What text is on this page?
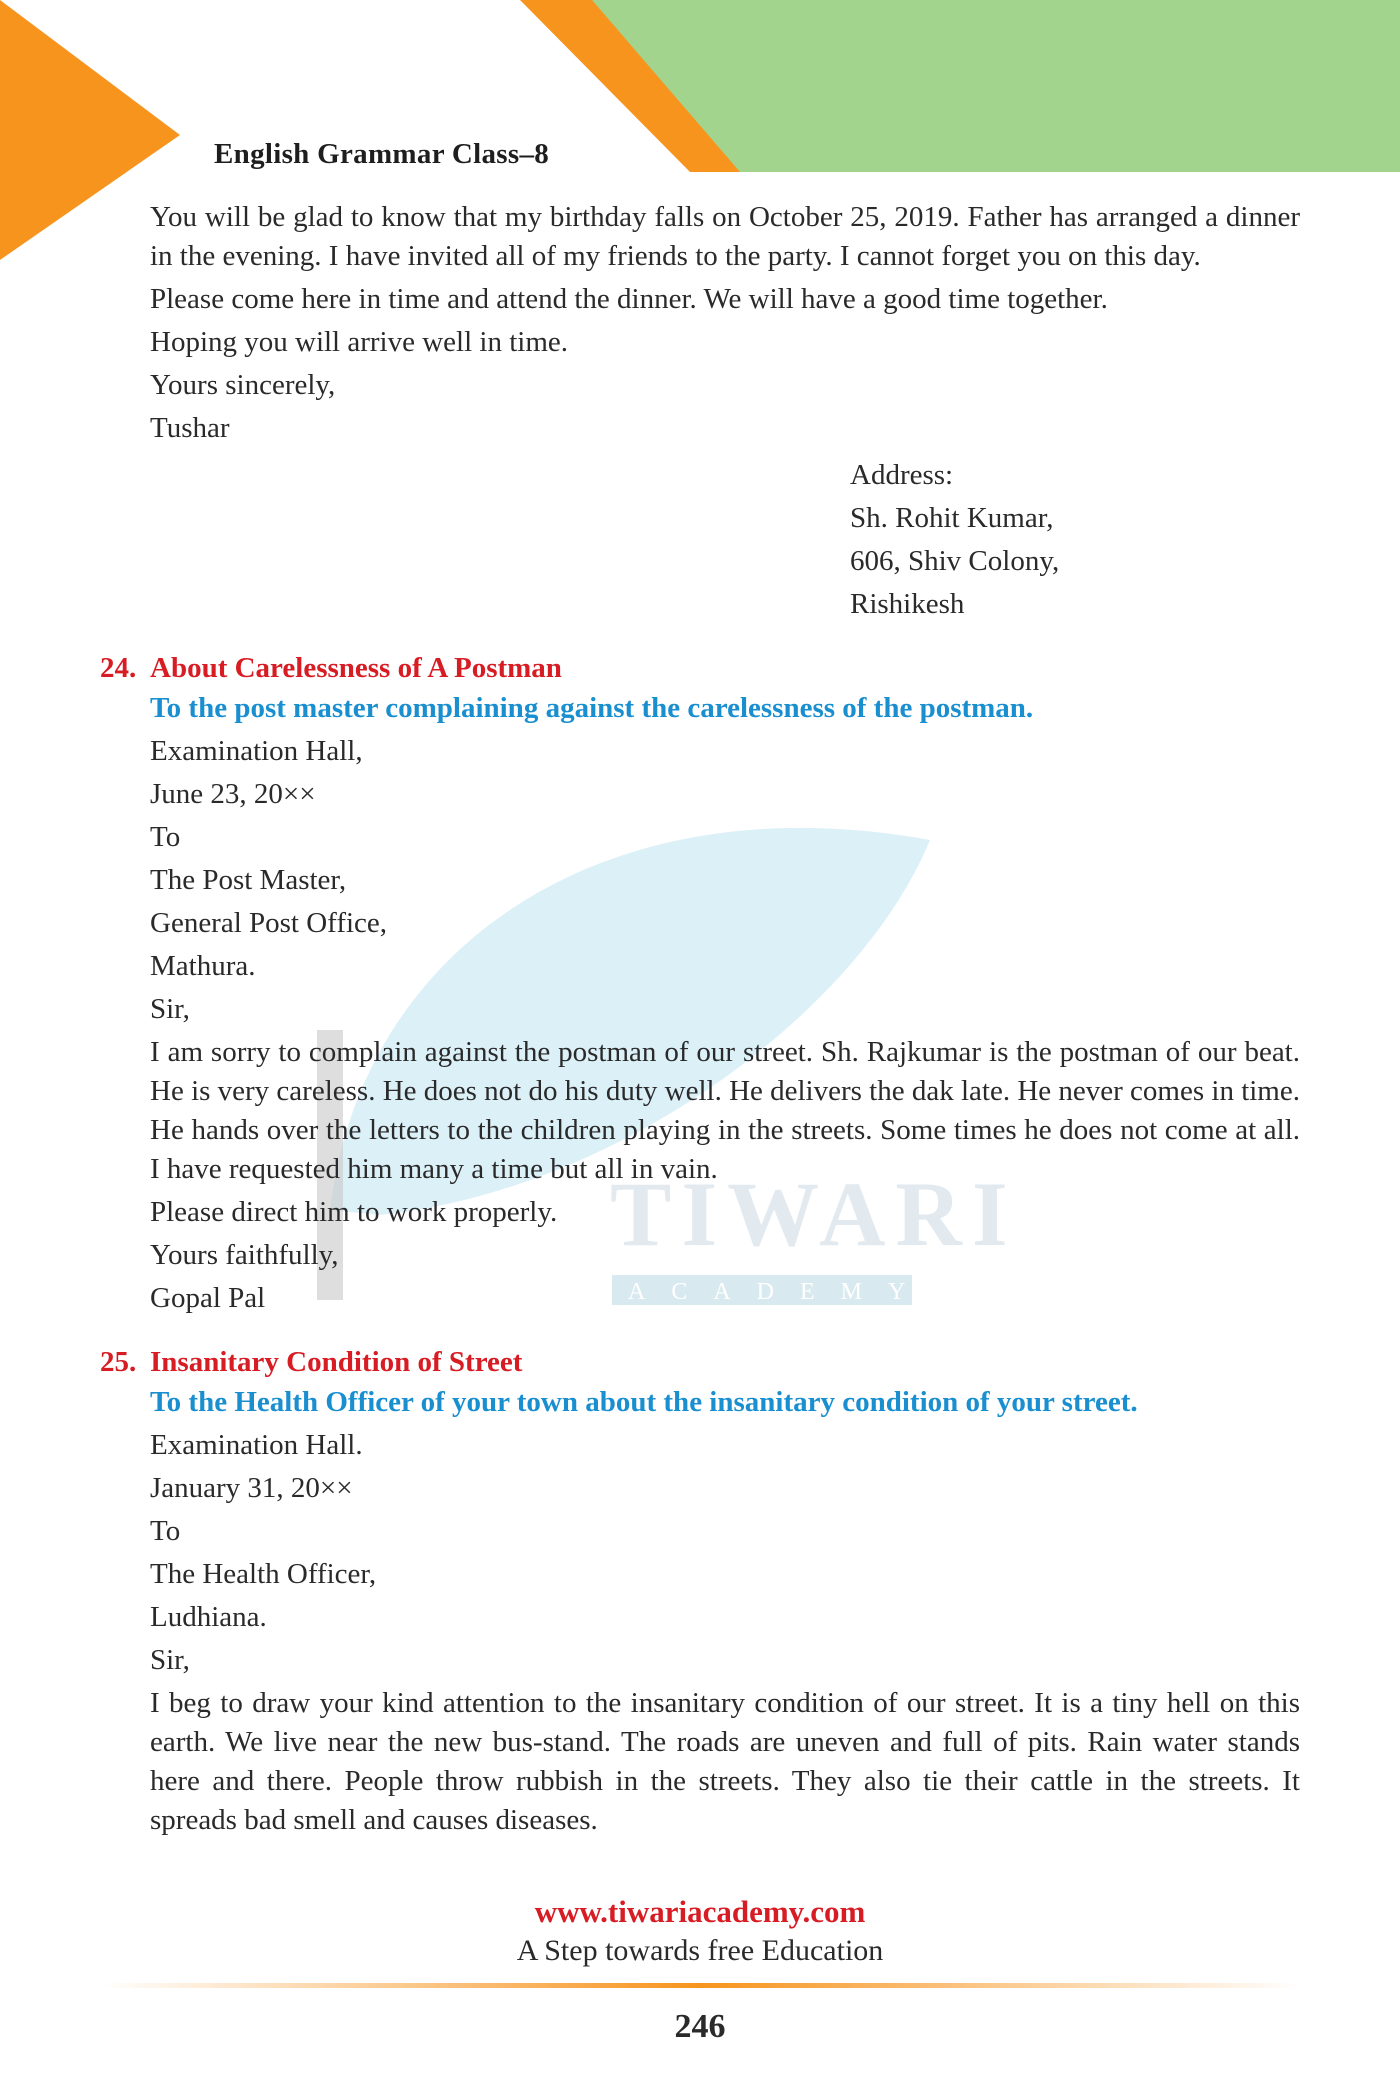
TIWARI
ACADEMY
English Grammar Class–8

You will be glad to know that my birthday falls on October 25, 2019. Father has arranged a dinner in the evening. I have invited all of my friends to the party. I cannot forget you on this day.

Please come here in time and attend the dinner. We will have a good time together.

Hoping you will arrive well in time.

Yours sincerely,

Tushar

Address:

Sh. Rohit Kumar,

606, Shiv Colony,

Rishikesh

24. About Carelessness of A Postman

To the post master complaining against the carelessness of the postman.

Examination Hall,

June 23, 20××

To

The Post Master,

General Post Office,

Mathura.

Sir,

I am sorry to complain against the postman of our street. Sh. Rajkumar is the postman of our beat. He is very careless. He does not do his duty well. He delivers the dak late. He never comes in time. He hands over the letters to the children playing in the streets. Some times he does not come at all. I have requested him many a time but all in vain.

Please direct him to work properly.

Yours faithfully,

Gopal Pal

25. Insanitary Condition of Street

To the Health Officer of your town about the insanitary condition of your street.

Examination Hall.

January 31, 20××

To

The Health Officer,

Ludhiana.

Sir,

I beg to draw your kind attention to the insanitary condition of our street. It is a tiny hell on this earth. We live near the new bus-stand. The roads are uneven and full of pits. Rain water stands here and there. People throw rubbish in the streets. They also tie their cattle in the streets. It spreads bad smell and causes diseases.

www.tiwariacademy.com
A Step towards free Education
246
